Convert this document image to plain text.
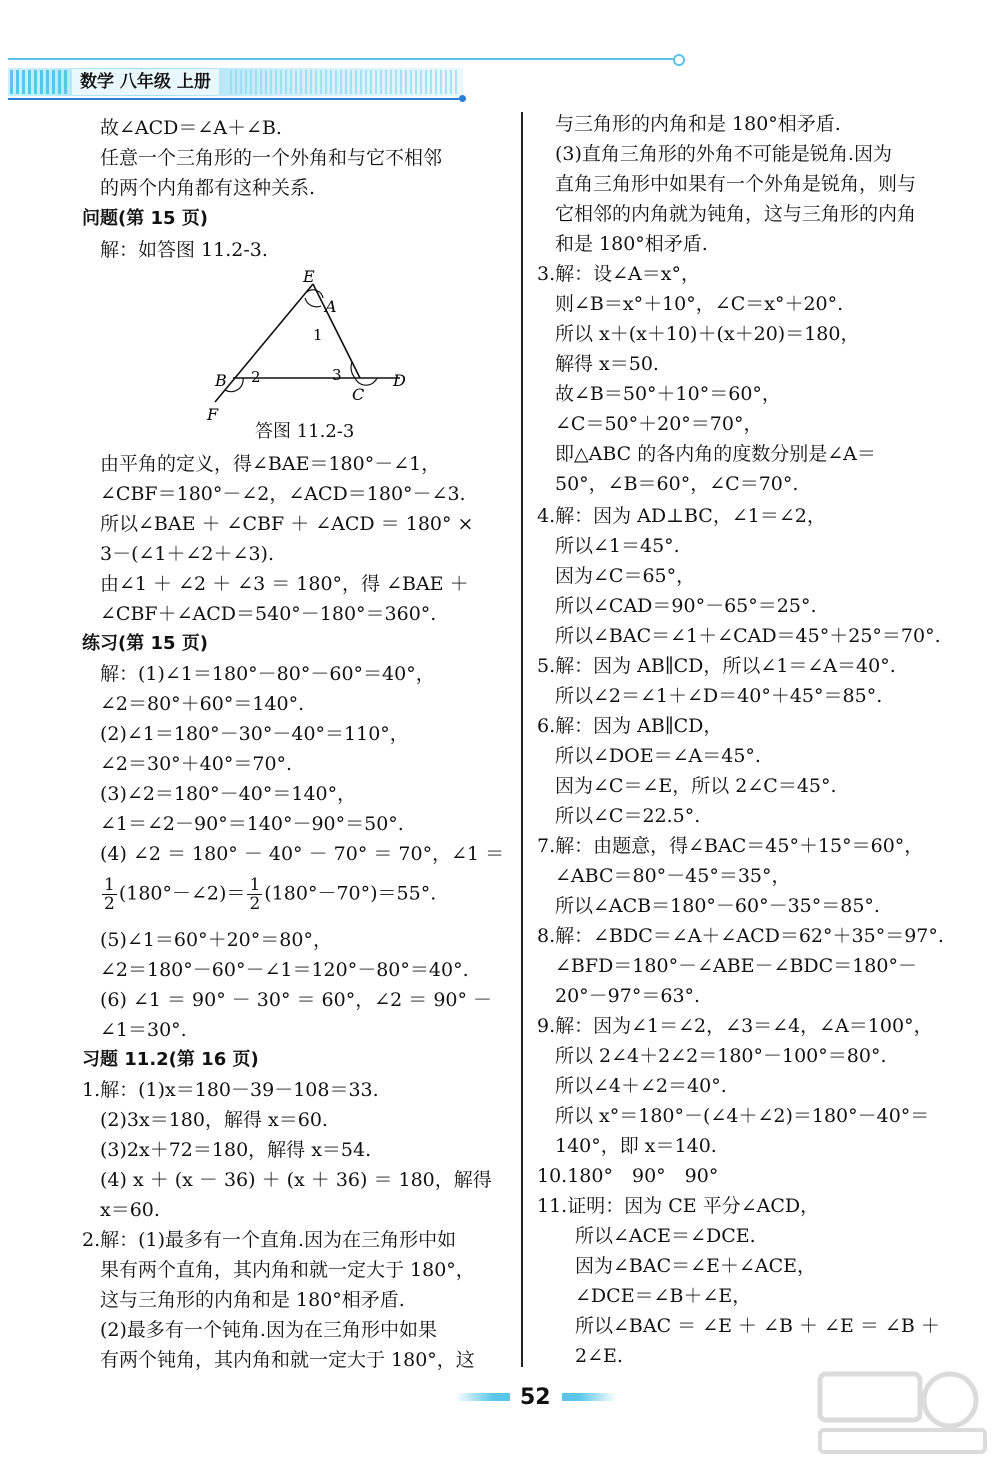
数学 八年级 上册
故∠ACD＝∠A＋∠B.
任意一个三角形的一个外角和与它不相邻
的两个内角都有这种关系.
问题(第 15 页)
解：如答图 11.2-3.
E
A
1
B 2	3
C
D
F
答图 11.2-3
由平角的定义，得∠BAE＝180°－∠1，
∠CBF＝180°－∠2，∠ACD＝180°－∠3.
所以∠BAE ＋ ∠CBF ＋ ∠ACD ＝ 180° ×
3－(∠1＋∠2＋∠3).
由∠1 ＋ ∠2 ＋ ∠3 ＝ 180°，得 ∠BAE ＋
∠CBF＋∠ACD＝540°－180°＝360°.
练习(第 15 页)
解：(1)∠1＝180°－80°－60°＝40°，
∠2＝80°＋60°＝140°.
(2)∠1＝180°－30°－40°＝110°，
∠2＝30°＋40°＝70°.
(3)∠2＝180°－40°＝140°，
∠1＝∠2－90°＝140°－90°＝50°.
(4) ∠2 ＝ 180° － 40° － 70° ＝ 70°，∠1 ＝
$\frac{1}{2}$ (180°－∠2)＝ $\frac{1}{2} (180^\circ-70^\circ)=55^\circ$.
(5)∠1＝60°＋20°＝80°，
∠2＝180°－60°－∠1＝120°－80°＝40°.
(6) ∠1 ＝ 90° － 30° ＝ 60°，∠2 ＝ 90° －
∠1＝30°.
习题 11.2(第 16 页)
1.解：(1)x＝180－39－108＝33.
(2)3x＝180，解得 x＝60.
(3)2x＋72＝180，解得 x＝54.
(4) x ＋ (x － 36) ＋ (x ＋ 36) ＝ 180，解得
x＝60.
2.解：(1)最多有一个直角.因为在三角形中如
果有两个直角，其内角和就一定大于 180°，
这与三角形的内角和是 180°相矛盾.
(2)最多有一个钝角.因为在三角形中如果
有两个钝角，其内角和就一定大于 180°，这
与三角形的内角和是 180°相矛盾.
(3)直角三角形的外角不可能是锐角.因为
直角三角形中如果有一个外角是锐角，则与
它相邻的内角就为钝角，这与三角形的内角
和是 180°相矛盾.
3.解：设∠A＝x°，
则∠B＝x°＋10°，∠C＝x°＋20°.
所以 x＋(x＋10)＋(x＋20)＝180，
解得 x＝50.
故∠B＝50°＋10°＝60°，
∠C＝50°＋20°＝70°，
即△ABC 的各内角的度数分别是∠A＝
50°，∠B＝60°，∠C＝70°.
4.解：因为 AD⊥BC，∠1＝∠2，
所以∠1＝45°.
因为∠C＝65°，
所以∠CAD＝90°－65°＝25°.
所以∠BAC＝∠1＋∠CAD＝45°＋25°＝70°.
5.解：因为 AB∥CD，所以∠1＝∠A＝40°.
所以∠2＝∠1＋∠D＝40°＋45°＝85°.
6.解：因为 AB∥CD，
所以∠DOE＝∠A＝45°.
因为∠C＝∠E，所以 2∠C＝45°.
所以∠C＝22.5°.
7.解：由题意，得∠BAC＝45°＋15°＝60°，
∠ABC＝80°－45°＝35°，
所以∠ACB＝180°－60°－35°＝85°.
8.解：∠BDC＝∠A＋∠ACD＝62°＋35°＝97°.
∠BFD＝180°－∠ABE－∠BDC＝180°－
20°－97°＝63°.
9.解：因为∠1＝∠2，∠3＝∠4，∠A＝100°，
所以 2∠4＋2∠2＝180°－100°＝80°.
所以∠4＋∠2＝40°.
所以 x°＝180°－(∠4＋∠2)＝180°－40°＝
140°，即 x＝140.
10.180°　90°　90°
11.证明：因为 CE 平分∠ACD，
所以∠ACE＝∠DCE.
因为∠BAC＝∠E＋∠ACE，
∠DCE＝∠B＋∠E，
所以∠BAC ＝ ∠E ＋ ∠B ＋ ∠E ＝ ∠B ＋
2∠E.
52
